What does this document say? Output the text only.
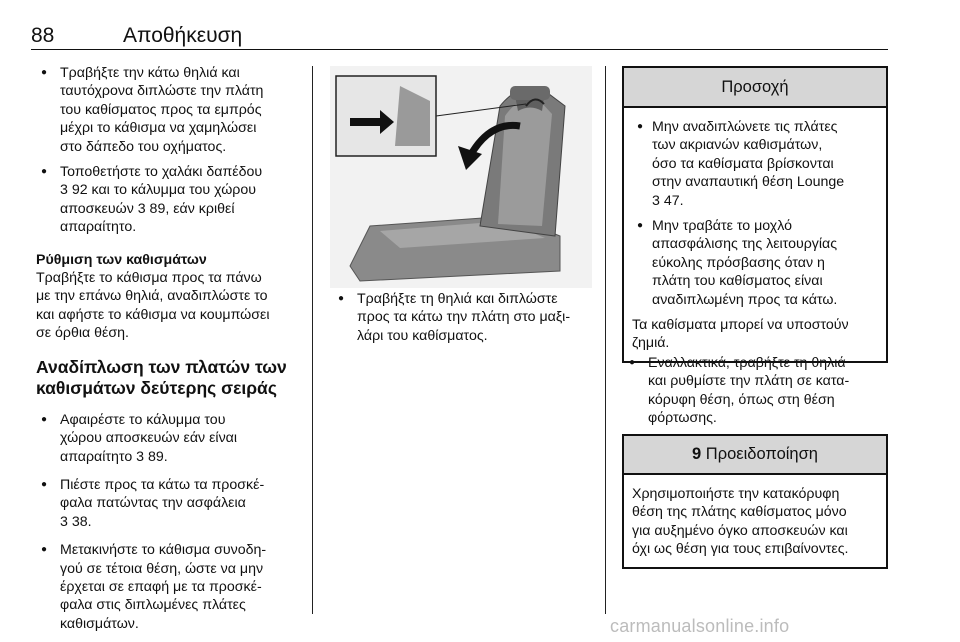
88	Αποθήκευση
● Τραβήξτε την κάτω θηλιά και
ταυτόχρονα διπλώστε την πλάτη
του καθίσματος προς τα εμπρός
μέχρι το κάθισμα να χαμηλώσει
στο δάπεδο του οχήματος.
● Τοποθετήστε το χαλάκι δαπέδου
3 92 και το κάλυμμα του χώρου
αποσκευών 3 89, εάν κριθεί
απαραίτητο.
Ρύθμιση των καθισμάτων

Τραβήξτε το κάθισμα προς τα πάνω
με την επάνω θηλιά, αναδιπλώστε το
και αφήστε το κάθισμα να κουμπώσει
σε όρθια θέση.

Αναδίπλωση των πλατών των
καθισμάτων δεύτερης σειράς
● Αφαιρέστε το κάλυμμα του
χώρου αποσκευών εάν είναι
απαραίτητο 3 89.
● Πιέστε προς τα κάτω τα προσκέ-
φαλα πατώντας την ασφάλεια
3 38.
● Μετακινήστε το κάθισμα συνοδη-
γού σε τέτοια θέση, ώστε να μην
έρχεται σε επαφή με τα προσκέ-
φαλα στις διπλωμένες πλάτες
καθισμάτων.
● Τραβήξτε τη θηλιά και διπλώστε
προς τα κάτω την πλάτη στο μαξι-
λάρι του καθίσματος.
Προσοχή
● Μην αναδιπλώνετε τις πλάτες
των ακριανών καθισμάτων,
όσο τα καθίσματα βρίσκονται
στην αναπαυτική θέση Lounge
3 47.
● Μην τραβάτε το μοχλό
απασφάλισης της λειτουργίας
εύκολης πρόσβασης όταν η
πλάτη του καθίσματος είναι
αναδιπλωμένη προς τα κάτω.

Τα καθίσματα μπορεί να υποστούν
ζημιά.

● Εναλλακτικά, τραβήξτε τη θηλιά
και ρυθμίστε την πλάτη σε κατα-
κόρυφη θέση, όπως στη θέση
φόρτωσης.
9 Προειδοποίηση

Χρησιμοποιήστε την κατακόρυφη
θέση της πλάτης καθίσματος μόνο
για αυξημένο όγκο αποσκευών και
όχι ως θέση για τους επιβαίνοντες.

carmanualsonline.info
